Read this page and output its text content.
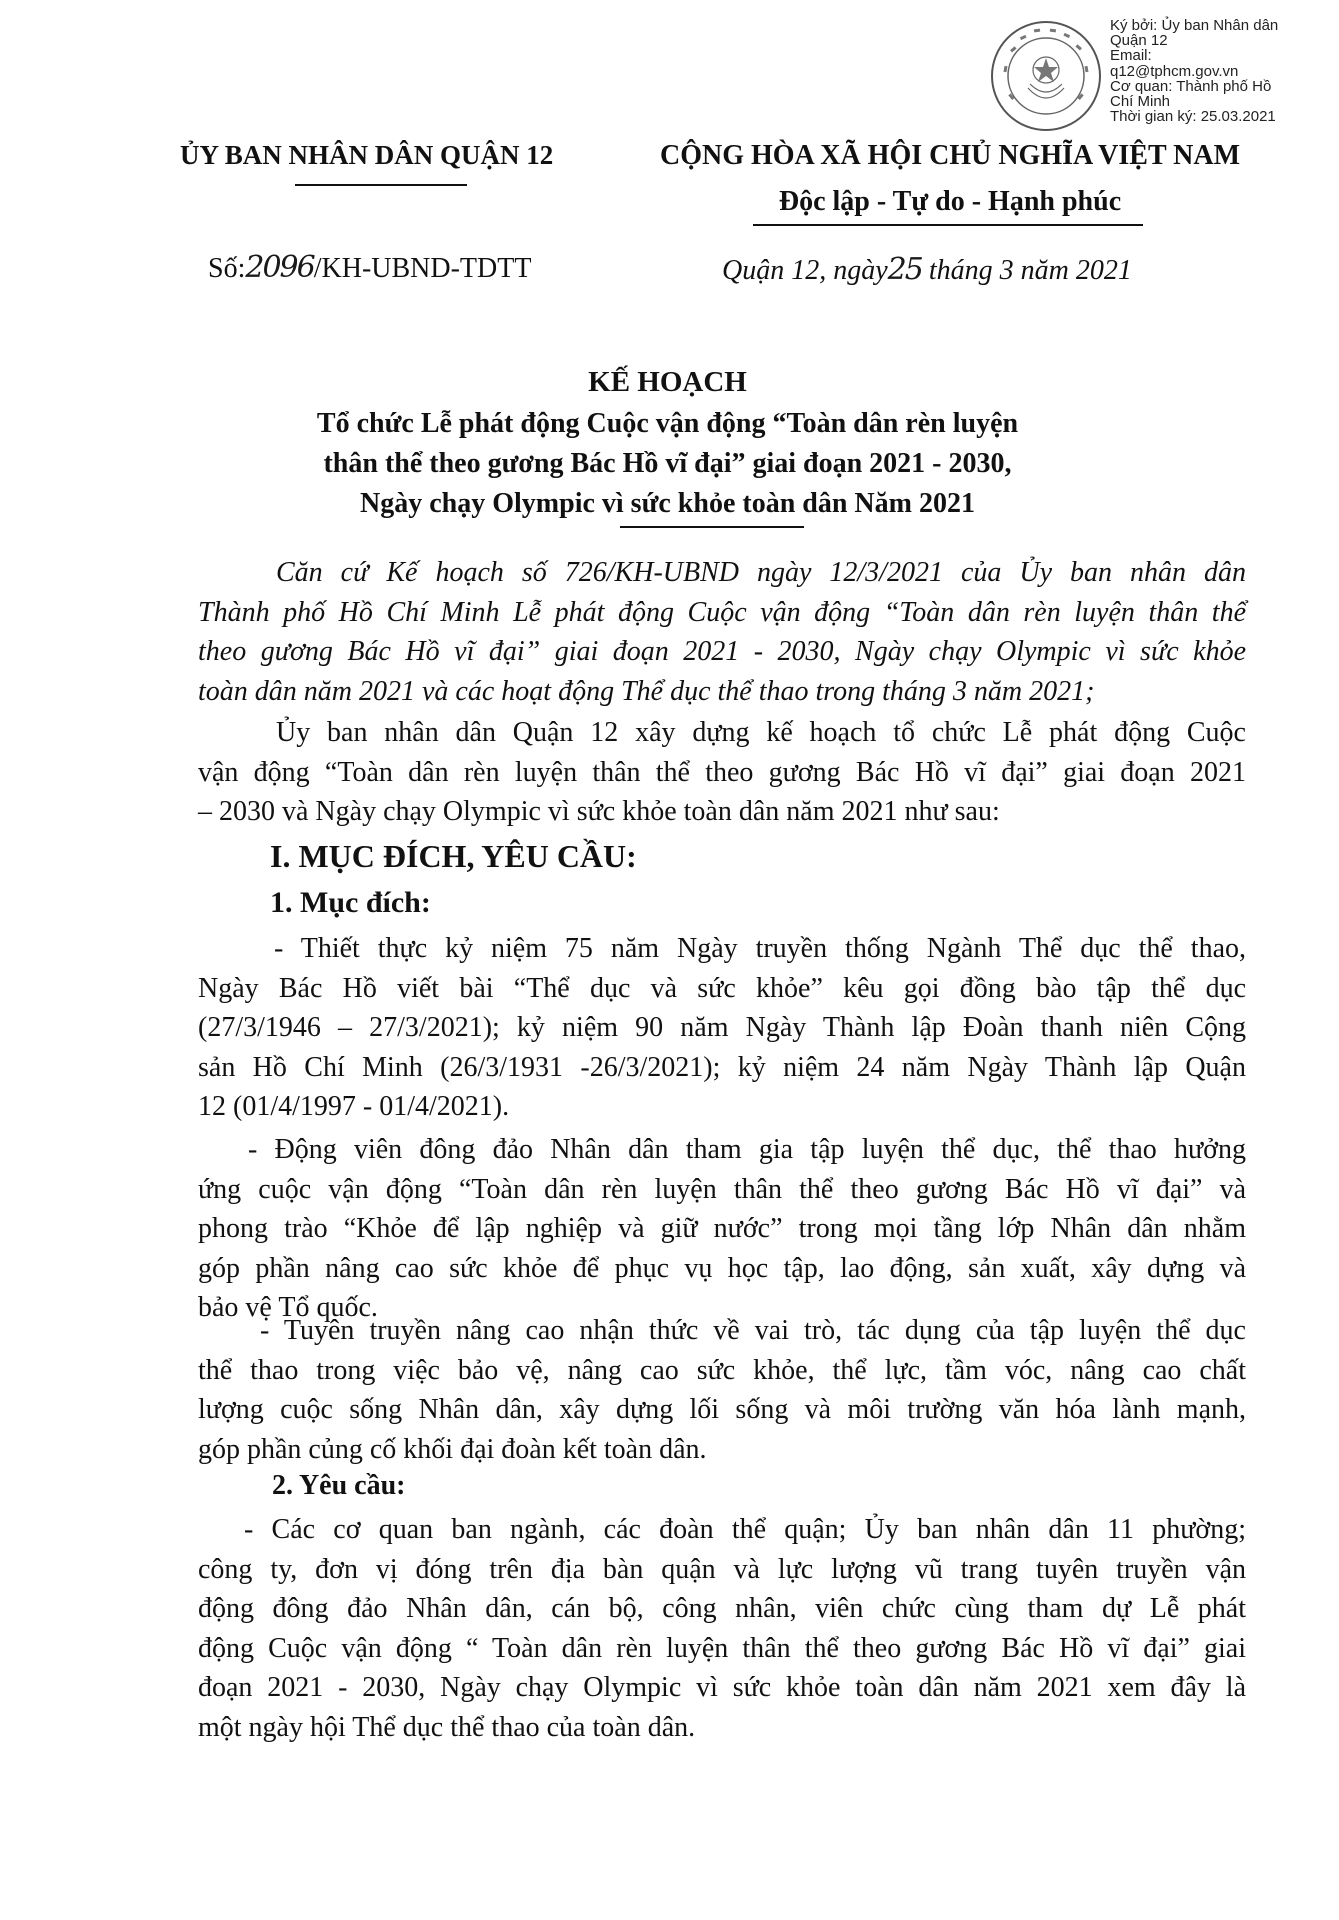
Ký bởi: Ủy ban Nhân dân
Quận 12
Email:
q12@tphcm.gov.vn
Cơ quan: Thành phố Hồ
Chí Minh
Thời gian ký: 25.03.2021
ỦY BAN NHÂN DÂN QUẬN 12	CỘNG HÒA XÃ HỘI CHỦ NGHĨA VIỆT NAM
Độc lập - Tự do - Hạnh phúc
Số:2096/KH-UBND-TDTT	Quận 12, ngày25 tháng 3 năm 2021
KẾ HOẠCH
Tổ chức Lễ phát động Cuộc vận động “Toàn dân rèn luyện
thân thể theo gương Bác Hồ vĩ đại” giai đoạn 2021 - 2030,
Ngày chạy Olympic vì sức khỏe toàn dân Năm 2021
Căn cứ Kế hoạch số 726/KH-UBND ngày 12/3/2021 của Ủy ban nhân dân
Thành phố Hồ Chí Minh Lễ phát động Cuộc vận động “Toàn dân rèn luyện thân thể
theo gương Bác Hồ vĩ đại” giai đoạn 2021 - 2030, Ngày chạy Olympic vì sức khỏe
toàn dân năm 2021 và các hoạt động Thể dục thể thao trong tháng 3 năm 2021;
Ủy ban nhân dân Quận 12 xây dựng kế hoạch tổ chức Lễ phát động Cuộc
vận động “Toàn dân rèn luyện thân thể theo gương Bác Hồ vĩ đại” giai đoạn 2021
– 2030 và Ngày chạy Olympic vì sức khỏe toàn dân năm 2021 như sau:
I. MỤC ĐÍCH, YÊU CẦU:
1. Mục đích:
- Thiết thực kỷ niệm 75 năm Ngày truyền thống Ngành Thể dục thể thao,
Ngày Bác Hồ viết bài “Thể dục và sức khỏe” kêu gọi đồng bào tập thể dục
(27/3/1946 – 27/3/2021); kỷ niệm 90 năm Ngày Thành lập Đoàn thanh niên Cộng
sản Hồ Chí Minh (26/3/1931 -26/3/2021); kỷ niệm 24 năm Ngày Thành lập Quận
12 (01/4/1997 - 01/4/2021).
- Động viên đông đảo Nhân dân tham gia tập luyện thể dục, thể thao hưởng
ứng cuộc vận động “Toàn dân rèn luyện thân thể theo gương Bác Hồ vĩ đại” và
phong trào “Khỏe để lập nghiệp và giữ nước” trong mọi tầng lớp Nhân dân nhằm
góp phần nâng cao sức khỏe để phục vụ học tập, lao động, sản xuất, xây dựng và
bảo vệ Tổ quốc.
- Tuyên truyền nâng cao nhận thức về vai trò, tác dụng của tập luyện thể dục
thể thao trong việc bảo vệ, nâng cao sức khỏe, thể lực, tầm vóc, nâng cao chất
lượng cuộc sống Nhân dân, xây dựng lối sống và môi trường văn hóa lành mạnh,
góp phần củng cố khối đại đoàn kết toàn dân.
2. Yêu cầu:
- Các cơ quan ban ngành, các đoàn thể quận; Ủy ban nhân dân 11 phường;
công ty, đơn vị đóng trên địa bàn quận và lực lượng vũ trang tuyên truyền vận
động đông đảo Nhân dân, cán bộ, công nhân, viên chức cùng tham dự Lễ phát
động Cuộc vận động “ Toàn dân rèn luyện thân thể theo gương Bác Hồ vĩ đại” giai
đoạn 2021 - 2030, Ngày chạy Olympic vì sức khỏe toàn dân năm 2021 xem đây là
một ngày hội Thể dục thể thao của toàn dân.
